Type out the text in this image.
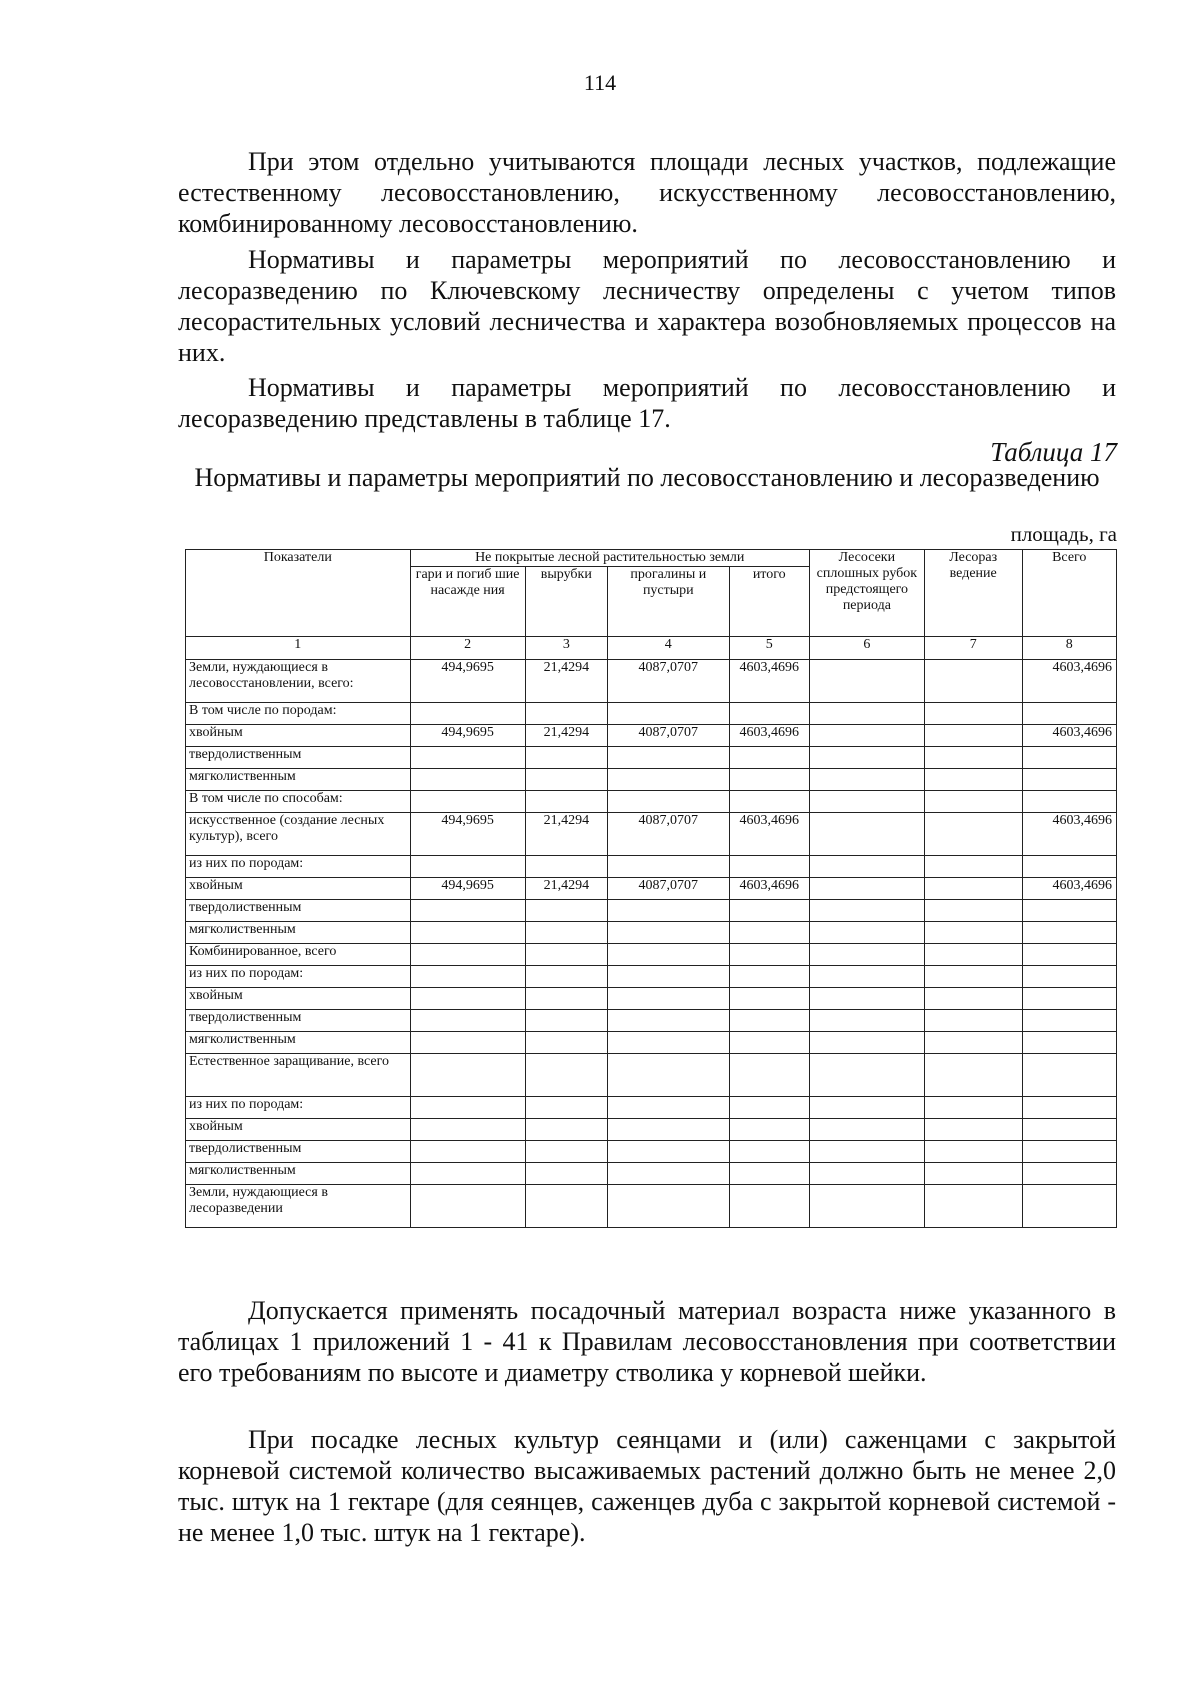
114

При этом отдельно учитываются площади лесных участков, подлежащие естественному лесовосстановлению, искусственному лесовосстановлению, комбинированному лесовосстановлению.

Нормативы и параметры мероприятий по лесовосстановлению и лесоразведению по Ключевскому лесничеству определены с учетом типов лесорастительных условий лесничества и характера возобновляемых процессов на них.

Нормативы и параметры мероприятий по лесовосстановлению и лесоразведению представлены в таблице 17.

Таблица 17
Нормативы и параметры мероприятий по лесовосстановлению и лесоразведению
площадь, га
Показатели	Не покрытые лесной растительностью земли				Лесосеки сплошных рубок предстоящего периода	Лесораз ведение	Всего
	гари и погиб шие насажде ния	вырубки	прогалины и пустыри	итого			
1	2	3	4	5	6	7	8
Земли, нуждающиеся в лесовосстановлении, всего:	494,9695	21,4294	4087,0707	4603,4696			4603,4696
В том числе по породам:							
хвойным	494,9695	21,4294	4087,0707	4603,4696			4603,4696
твердолиственным							
мягколиственным							
В том числе по способам:							
искусственное (создание лесных культур), всего	494,9695	21,4294	4087,0707	4603,4696			4603,4696
из них по породам:							
хвойным	494,9695	21,4294	4087,0707	4603,4696			4603,4696
твердолиственным							
мягколиственным							
Комбинированное, всего							
из них по породам:							
хвойным							
твердолиственным							
мягколиственным							
Естественное заращивание, всего							
из них по породам:							
хвойным							
твердолиственным							
мягколиственным							
Земли, нуждающиеся в лесоразведении							

Допускается применять посадочный материал возраста ниже указанного в таблицах 1 приложений 1 - 41 к Правилам лесовосстановления при соответствии его требованиям по высоте и диаметру стволика у корневой шейки.

При посадке лесных культур сеянцами и (или) саженцами с закрытой корневой системой количество высаживаемых растений должно быть не менее 2,0 тыс. штук на 1 гектаре (для сеянцев, саженцев дуба с закрытой корневой системой - не менее 1,0 тыс. штук на 1 гектаре).
